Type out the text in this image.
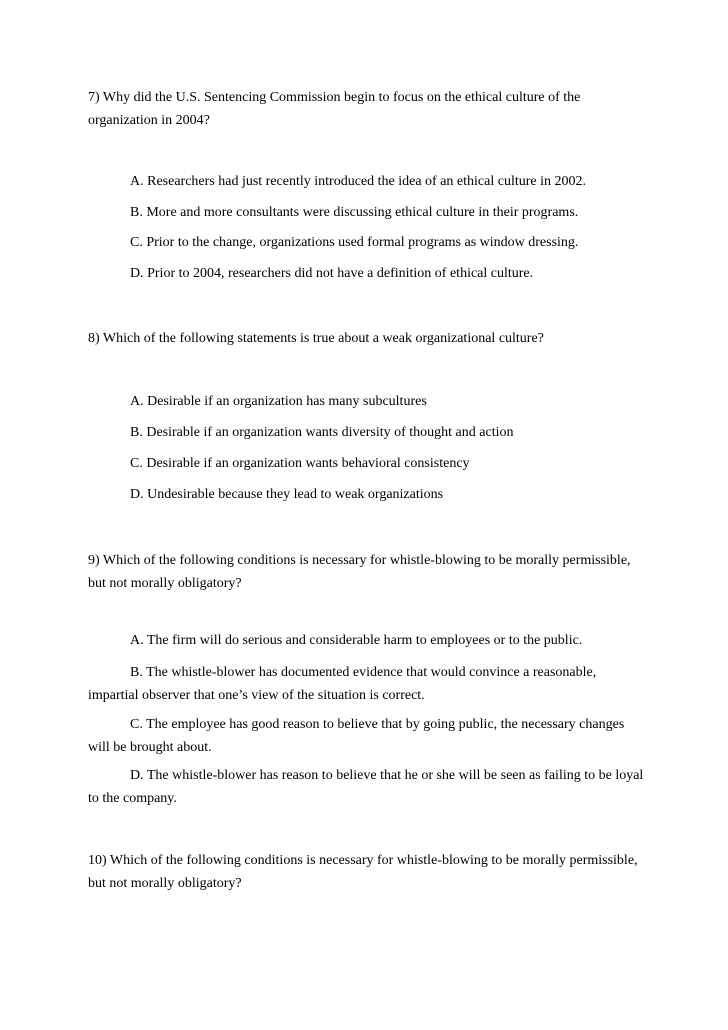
7) Why did the U.S. Sentencing Commission begin to focus on the ethical culture of the organization in 2004?

A. Researchers had just recently introduced the idea of an ethical culture in 2002.

B. More and more consultants were discussing ethical culture in their programs.

C. Prior to the change, organizations used formal programs as window dressing.

D. Prior to 2004, researchers did not have a definition of ethical culture.

8) Which of the following statements is true about a weak organizational culture?

A. Desirable if an organization has many subcultures

B. Desirable if an organization wants diversity of thought and action

C. Desirable if an organization wants behavioral consistency

D. Undesirable because they lead to weak organizations

9) Which of the following conditions is necessary for whistle-blowing to be morally permissible, but not morally obligatory?

A. The firm will do serious and considerable harm to employees or to the public.

B. The whistle-blower has documented evidence that would convince a reasonable, impartial observer that one’s view of the situation is correct.

C. The employee has good reason to believe that by going public, the necessary changes will be brought about.

D. The whistle-blower has reason to believe that he or she will be seen as failing to be loyal to the company.

10) Which of the following conditions is necessary for whistle-blowing to be morally permissible, but not morally obligatory?
